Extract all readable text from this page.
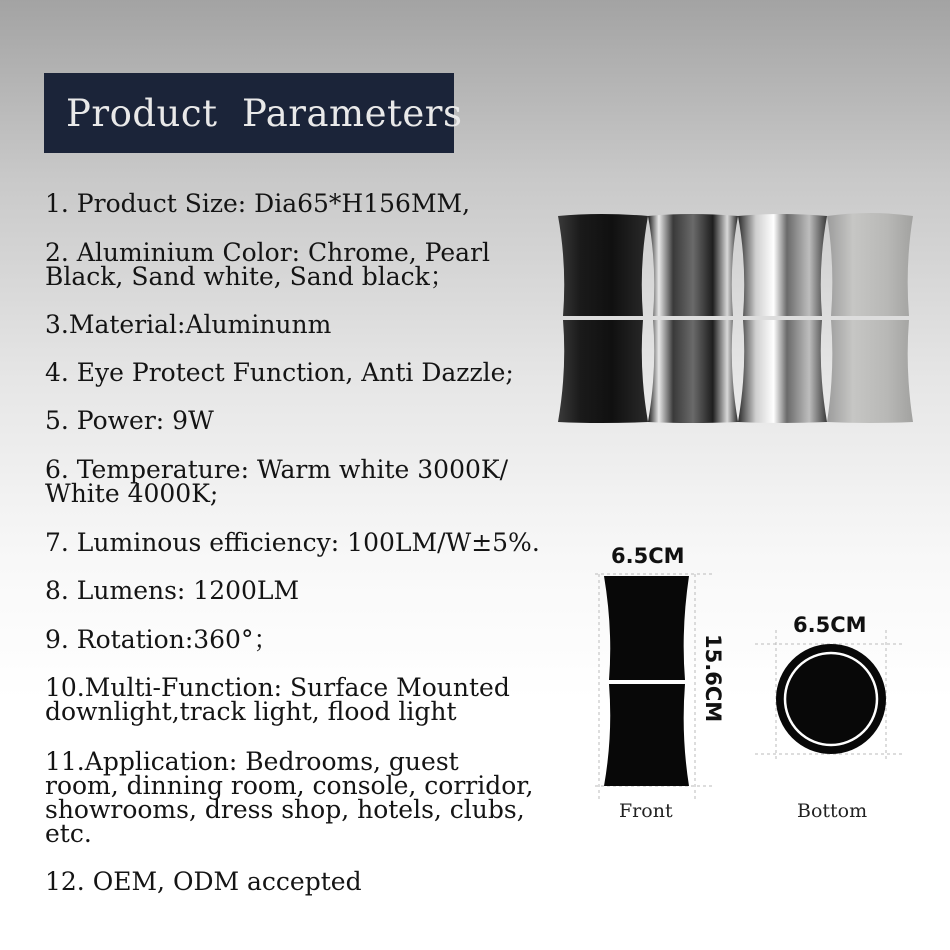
Product  Parameters
1. Product Size: Dia65*H156MM,
2. Aluminium Color: Chrome, Pearl Black, Sand white, Sand black；
3.Material:Aluminunm
4. Eye Protect Function, Anti Dazzle;
5. Power: 9W
6. Temperature: Warm white 3000K/ White 4000K;
7. Luminous efficiency: 100LM/W±5%.
8. Lumens: 1200LM
9. Rotation:360°；
10.Multi-Function: Surface Mounted downlight,track light, flood light
11.Application: Bedrooms, guest room, dinning room, console, corridor, showrooms, dress shop, hotels, clubs, etc.
12. OEM, ODM accepted
6.5CM
15.6CM
Front
6.5CM
Bottom
